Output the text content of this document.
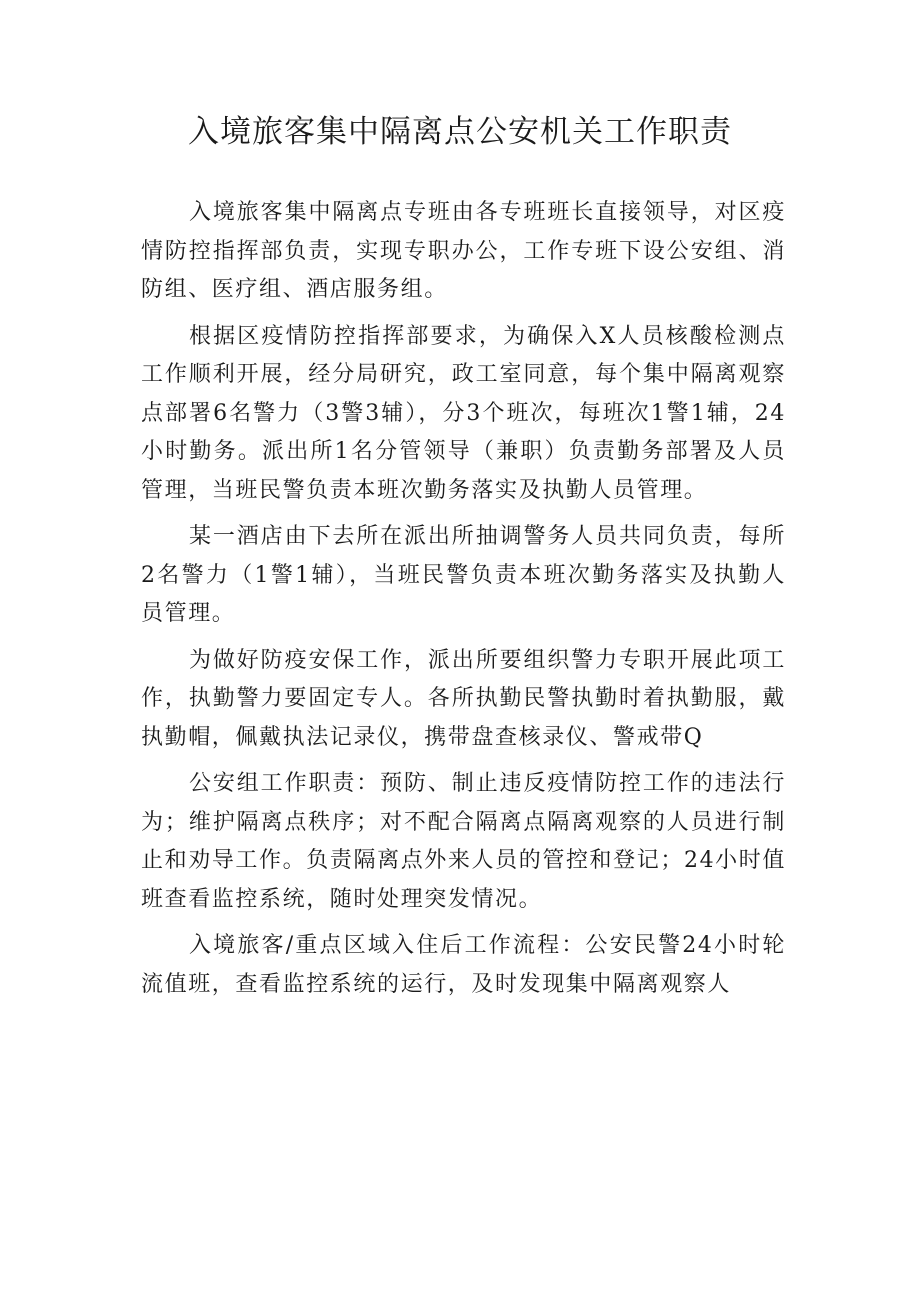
入境旅客集中隔离点公安机关工作职责

入境旅客集中隔离点专班由各专班班长直接领导，对区疫情防控指挥部负责，实现专职办公，工作专班下设公安组、消防组、医疗组、酒店服务组。

根据区疫情防控指挥部要求，为确保入X人员核酸检测点工作顺利开展，经分局研究，政工室同意，每个集中隔离观察点部署6名警力（3警3辅），分3个班次，每班次1警1辅，24小时勤务。派出所1名分管领导（兼职）负责勤务部署及人员管理，当班民警负责本班次勤务落实及执勤人员管理。

某一酒店由下去所在派出所抽调警务人员共同负责，每所2名警力（1警1辅），当班民警负责本班次勤务落实及执勤人员管理。

为做好防疫安保工作，派出所要组织警力专职开展此项工作，执勤警力要固定专人。各所执勤民警执勤时着执勤服，戴执勤帽，佩戴执法记录仪，携带盘查核录仪、警戒带Q

公安组工作职责：预防、制止违反疫情防控工作的违法行为；维护隔离点秩序；对不配合隔离点隔离观察的人员进行制止和劝导工作。负责隔离点外来人员的管控和登记；24小时值班查看监控系统，随时处理突发情况。

入境旅客/重点区域入住后工作流程：公安民警24小时轮流值班，查看监控系统的运行，及时发现集中隔离观察人
